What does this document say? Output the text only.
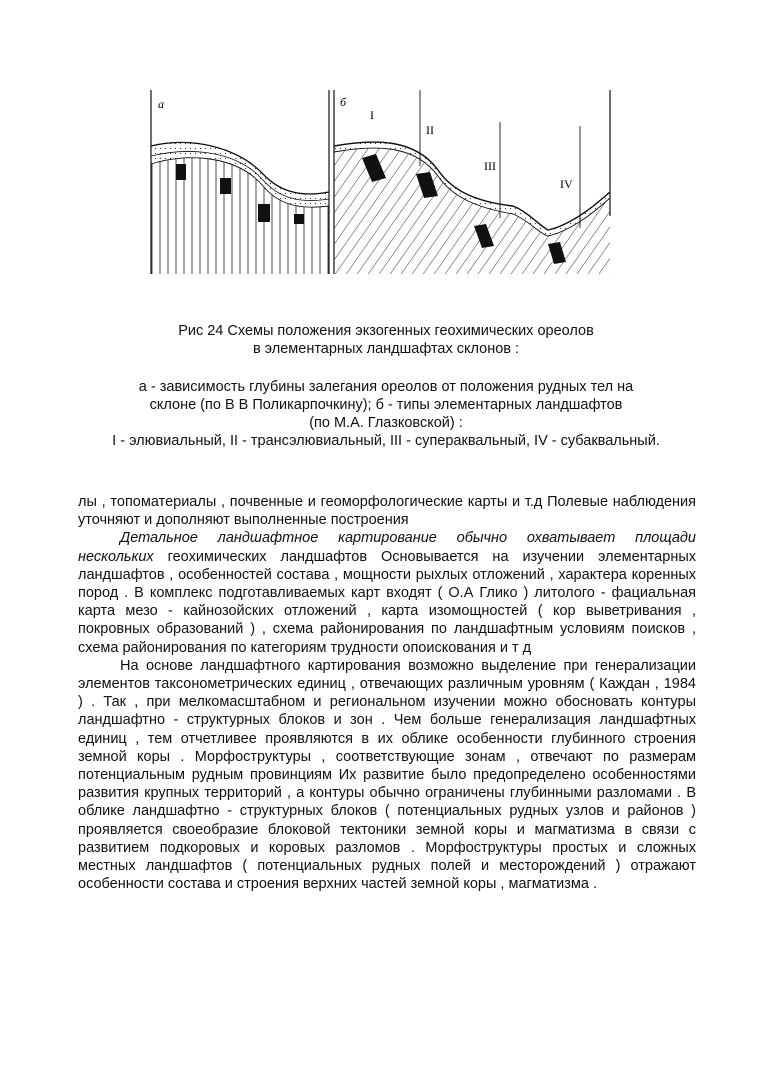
а	б
I
II
III
IV
Рис 24 Схемы положения экзогенных геохимических ореолов
в элементарных ландшафтах склонов :
а - зависимость глубины залегания ореолов от положения рудных тел на
склоне (по В В Поликарпочкину); б - типы элементарных ландшафтов
(по М.А. Глазковской) :
I - элювиальный, II - трансэлювиальный, III - супераквальный, IV - субаквальный.

лы , топоматериалы , почвенные и геоморфологические карты и т.д Полевые наблюдения уточняют и дополняют выполненные построения

Детальное ландшафтное картирование обычно охватывает площади нескольких геохимических ландшафтов Основывается на изучении элементарных ландшафтов , особенностей состава , мощности рыхлых отложений , характера коренных пород . В комплекс подготавливаемых карт входят ( О.А Глико ) литолого - фациальная карта мезо - кайнозойских отложений , карта изомощностей ( кор выветривания , покровных образований ) , схема районирования по ландшафтным условиям поисков , схема районирования по категориям трудности опоискования и т д

На основе ландшафтного картирования возможно выделение при генерализации элементов таксонометрических единиц , отвечающих различным уровням ( Каждан , 1984 ) . Так , при мелкомасштабном и региональном изучении можно обосновать контуры ландшафтно - структурных блоков и зон . Чем больше генерализация ландшафтных единиц , тем отчетливее проявляются в их облике особенности глубинного строения земной коры . Морфоструктуры , соответствующие зонам , отвечают по размерам потенциальным рудным провинциям Их развитие было предопределено особенностями развития крупных территорий , а контуры обычно ограничены глубинными разломами . В облике ландшафтно - структурных блоков ( потенциальных рудных узлов и районов ) проявляется своеобразие блоковой тектоники земной коры и магматизма в связи с развитием подкоровых и коровых разломов . Морфоструктуры простых и сложных местных ландшафтов ( потенциальных рудных полей и месторождений ) отражают особенности состава и строения верхних частей земной коры , магматизма .
